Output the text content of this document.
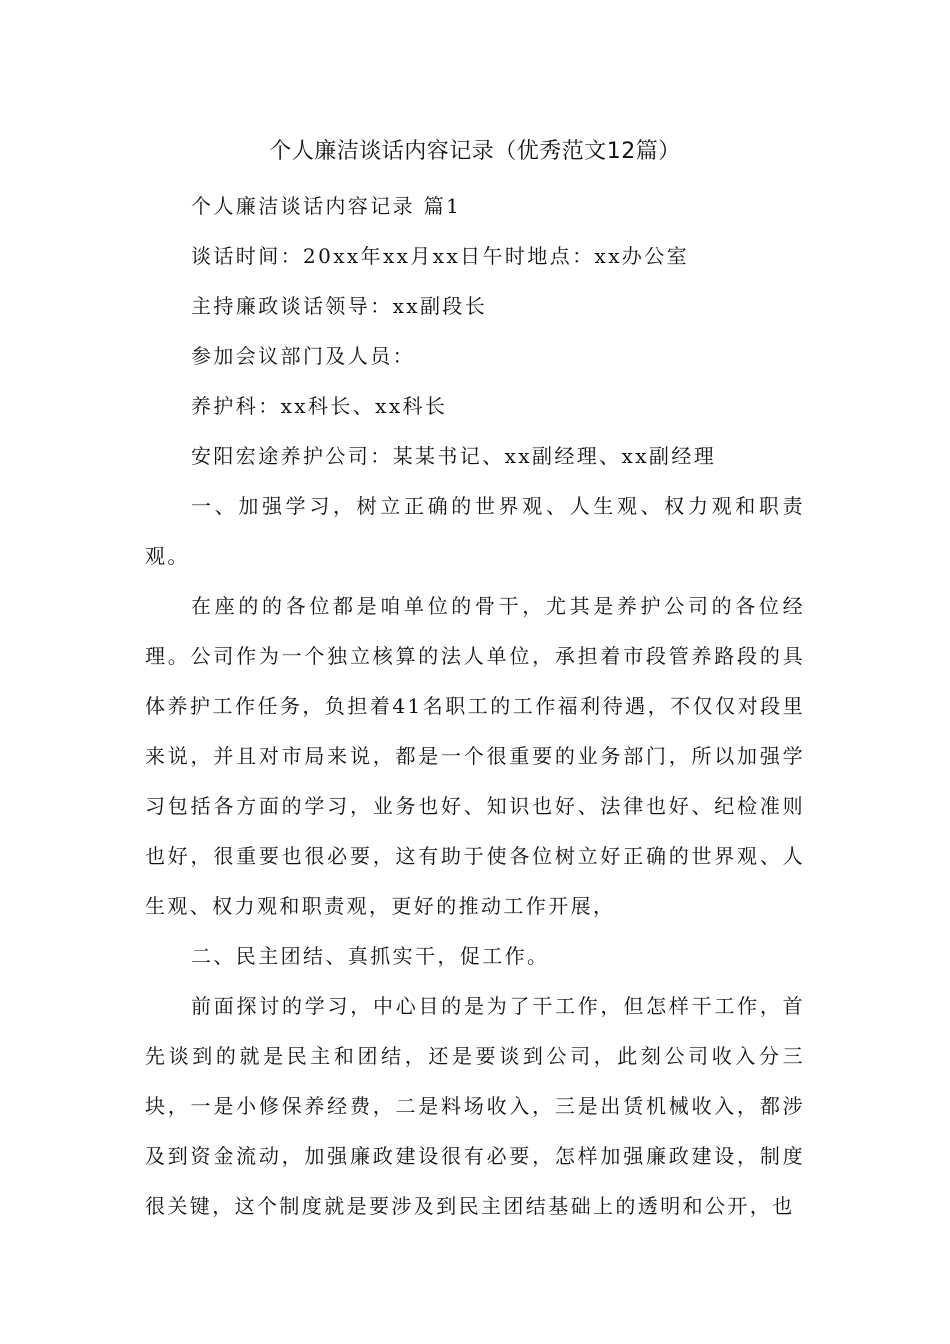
个人廉洁谈话内容记录（优秀范文12篇）

个人廉洁谈话内容记录 篇1

谈话时间：20xx年xx月xx日午时地点：xx办公室

主持廉政谈话领导：xx副段长

参加会议部门及人员：

养护科：xx科长、xx科长

安阳宏途养护公司：某某书记、xx副经理、xx副经理

一、加强学习，树立正确的世界观、人生观、权力观和职责观。

在座的的各位都是咱单位的骨干，尤其是养护公司的各位经理。公司作为一个独立核算的法人单位，承担着市段管养路段的具体养护工作任务，负担着41名职工的工作福利待遇，不仅仅对段里来说，并且对市局来说，都是一个很重要的业务部门，所以加强学习包括各方面的学习，业务也好、知识也好、法律也好、纪检准则也好，很重要也很必要，这有助于使各位树立好正确的世界观、人生观、权力观和职责观，更好的推动工作开展，

二、民主团结、真抓实干，促工作。

前面探讨的学习，中心目的是为了干工作，但怎样干工作，首先谈到的就是民主和团结，还是要谈到公司，此刻公司收入分三块，一是小修保养经费，二是料场收入，三是出赁机械收入，都涉及到资金流动，加强廉政建设很有必要，怎样加强廉政建设，制度很关键，这个制度就是要涉及到民主团结基础上的透明和公开，也
